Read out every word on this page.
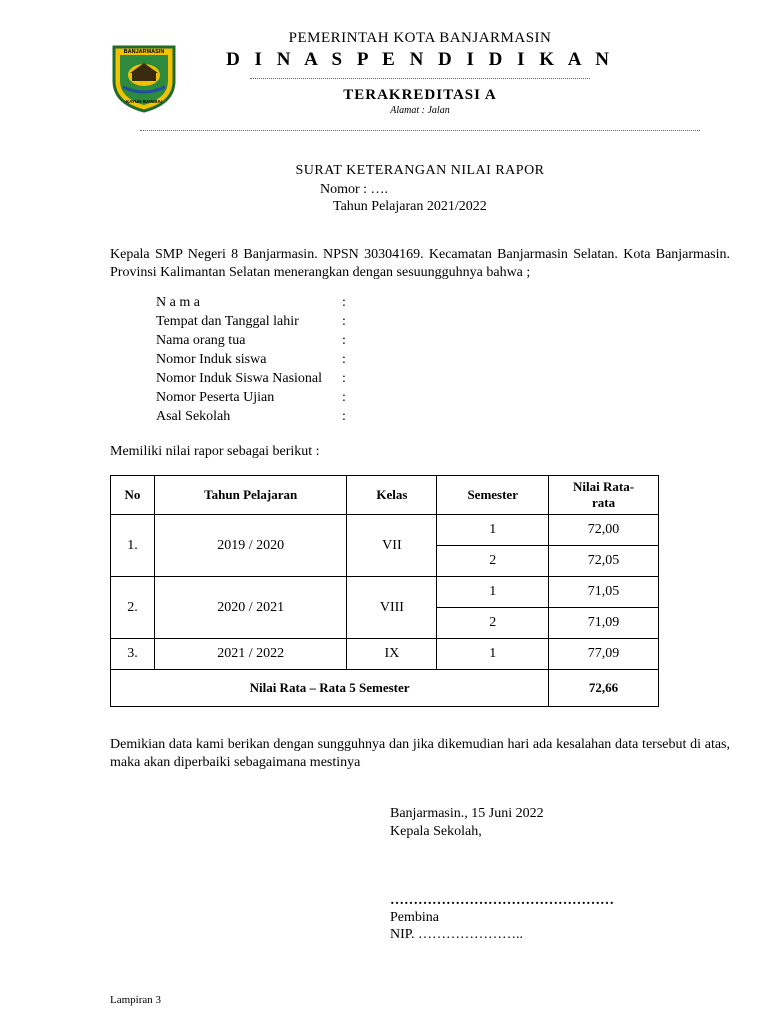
BANJARMASIN
KAYUH BAIMBAI
PEMERINTAH KOTA BANJARMASIN
D I N A S P E N D I D I K A N
TERAKREDITASI A
Alamat : Jalan
SURAT KETERANGAN NILAI RAPOR
Nomor : ….
Tahun Pelajaran 2021/2022
Kepala SMP Negeri 8 Banjarmasin. NPSN 30304169. Kecamatan Banjarmasin Selatan. Kota Banjarmasin. Provinsi Kalimantan Selatan menerangkan dengan sesuungguhnya bahwa ;
N a m a	:
Tempat dan Tanggal lahir	:
Nama orang tua	:
Nomor Induk siswa	:
Nomor Induk Siswa Nasional :
Nomor Peserta Ujian	:
Asal Sekolah	:
Memiliki nilai rapor sebagai berikut :
No	Tahun Pelajaran	Kelas	Semester	Nilai Rata-rata
1.	2019 / 2020	VII	1	72,00
			2	72,05
2.	2020 / 2021	VIII	1	71,05
			2	71,09
3.	2021 / 2022	IX	1	77,09
Nilai Rata – Rata 5 Semester				72,66
Demikian data kami berikan dengan sungguhnya dan jika dikemudian hari ada kesalahan data tersebut di atas, maka akan diperbaiki sebagaimana mestinya
Banjarmasin., 15 Juni 2022
Kepala Sekolah,
…………………………………………
Pembina
NIP. …………………..
Lampiran 3
